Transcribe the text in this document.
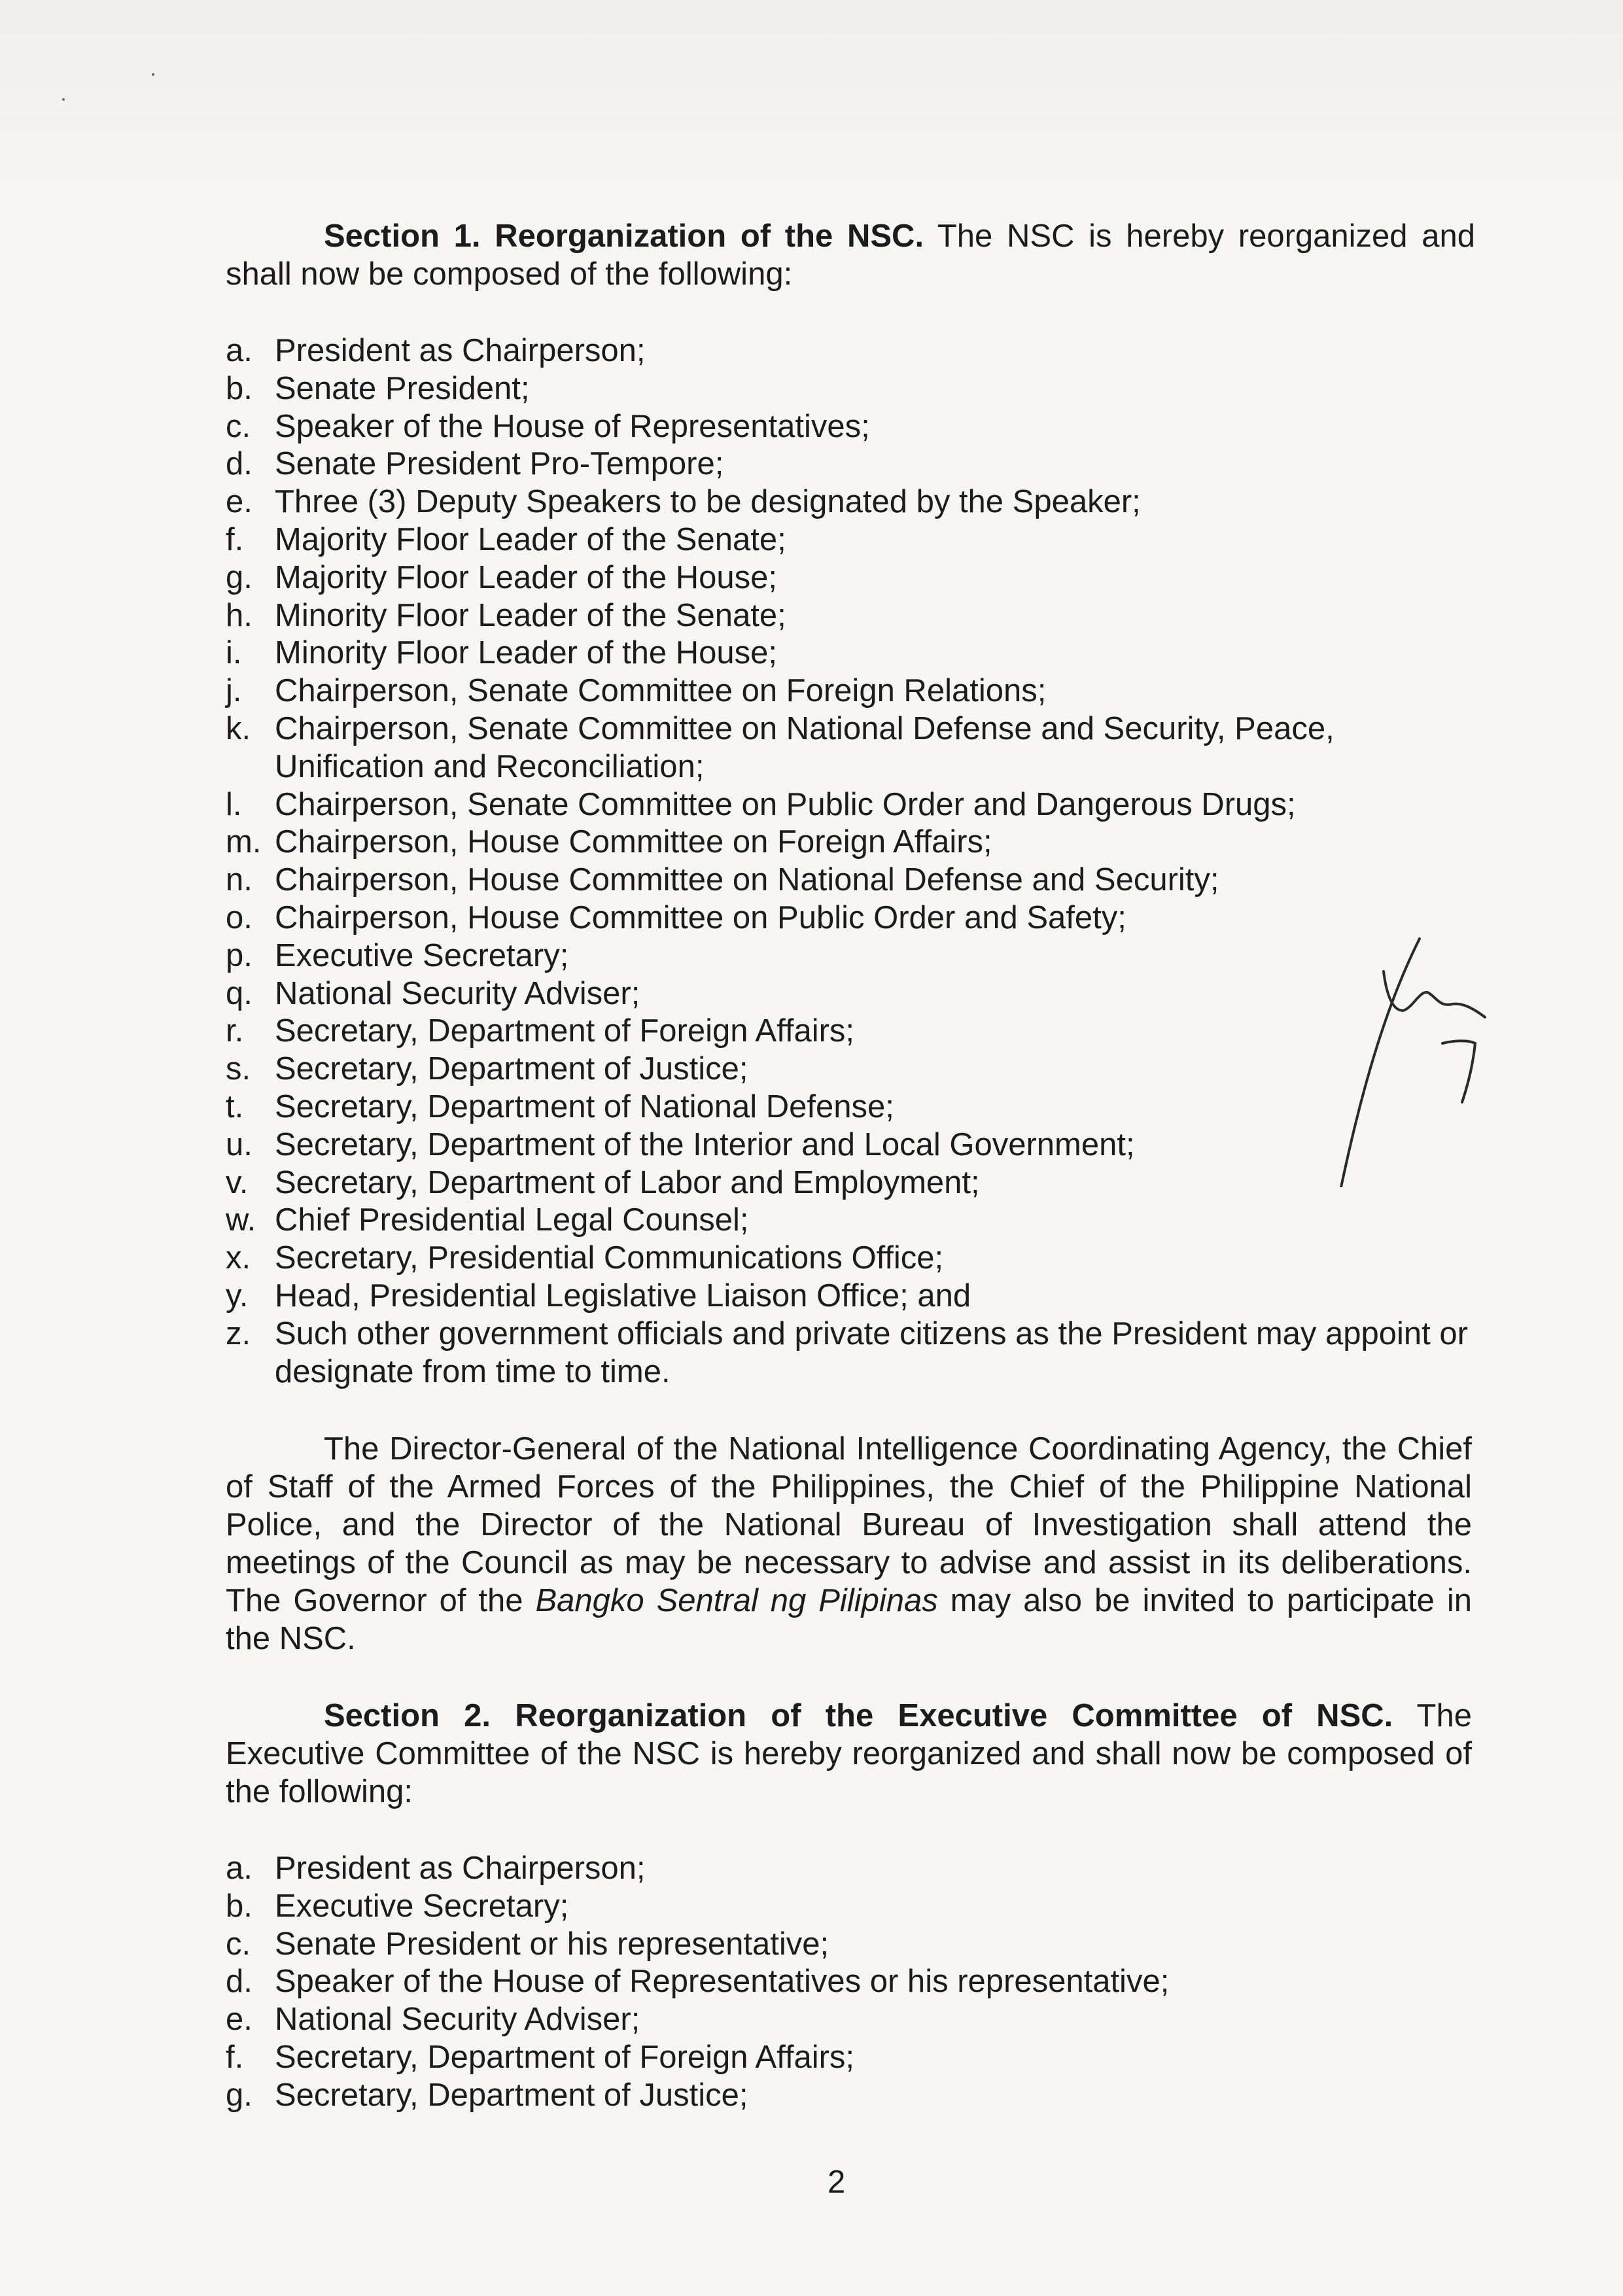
Section 1. Reorganization of the NSC. The NSC is hereby reorganized and shall now be composed of the following:

a. President as Chairperson;
b. Senate President;
c. Speaker of the House of Representatives;
d. Senate President Pro-Tempore;
e. Three (3) Deputy Speakers to be designated by the Speaker;
f. Majority Floor Leader of the Senate;
g. Majority Floor Leader of the House;
h. Minority Floor Leader of the Senate;
i.	Minority Floor Leader of the House;
j.	Chairperson, Senate Committee on Foreign Relations;
k. Chairperson, Senate Committee on National Defense and Security, Peace, Unification and Reconciliation;
l.	Chairperson, Senate Committee on Public Order and Dangerous Drugs;
m. Chairperson, House Committee on Foreign Affairs;
n. Chairperson, House Committee on National Defense and Security;
o. Chairperson, House Committee on Public Order and Safety;
p. Executive Secretary;
q. National Security Adviser;
r. Secretary, Department of Foreign Affairs;
s. Secretary, Department of Justice;
t. Secretary, Department of National Defense;
u. Secretary, Department of the Interior and Local Government;
v. Secretary, Department of Labor and Employment;
w. Chief Presidential Legal Counsel;
x. Secretary, Presidential Communications Office;
y. Head, Presidential Legislative Liaison Office; and
z. Such other government officials and private citizens as the President may appoint or designate from time to time.

The Director-General of the National Intelligence Coordinating Agency, the Chief of Staff of the Armed Forces of the Philippines, the Chief of the Philippine National Police, and the Director of the National Bureau of Investigation shall attend the meetings of the Council as may be necessary to advise and assist in its deliberations. The Governor of the Bangko Sentral ng Pilipinas may also be invited to participate in the NSC.

Section 2. Reorganization of the Executive Committee of NSC. The Executive Committee of the NSC is hereby reorganized and shall now be composed of the following:

a. President as Chairperson;
b. Executive Secretary;
c. Senate President or his representative;
d. Speaker of the House of Representatives or his representative;
e. National Security Adviser;
f. Secretary, Department of Foreign Affairs;
g. Secretary, Department of Justice;
2
